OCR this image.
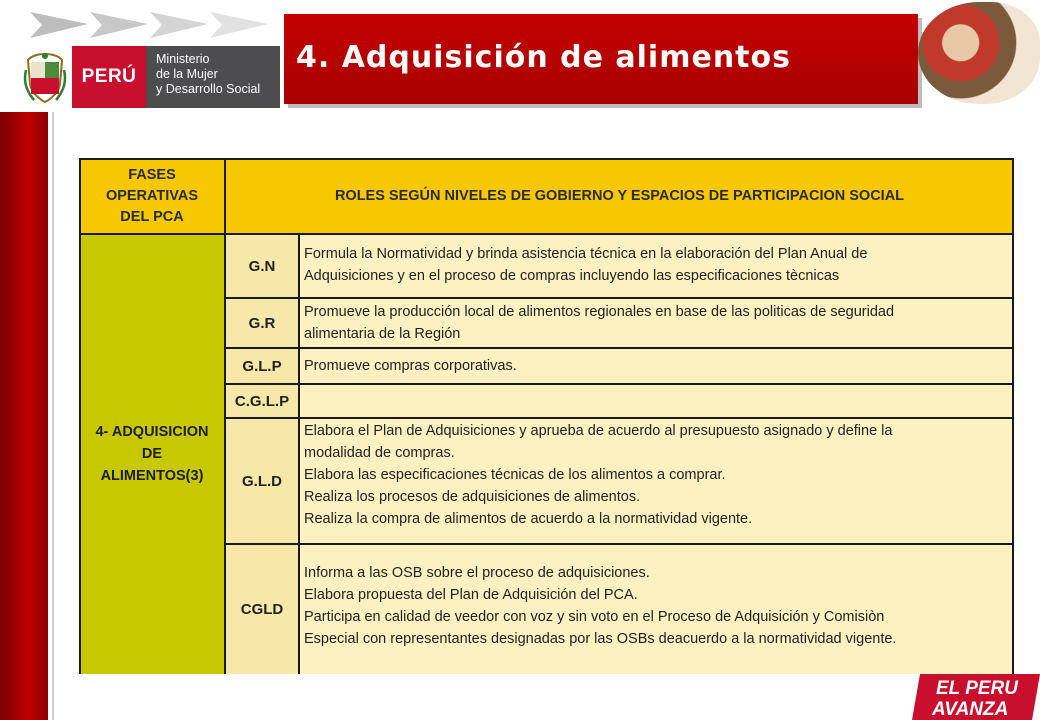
PERÚ
Ministerio
de la Mujer
y Desarrollo Social
4. Adquisición de alimentos
FASES
OPERATIVAS
DEL PCA
ROLES SEGÚN NIVELES DE GOBIERNO Y ESPACIOS DE PARTICIPACION SOCIAL
4- ADQUISICION
DE
ALIMENTOS(3)
G.N
Formula la Normatividad y brinda asistencia técnica en la elaboración del Plan Anual de
Adquisiciones y en el proceso de compras incluyendo las especificaciones tècnicas
G.R
Promueve la producción local de alimentos regionales en base de las politicas de seguridad
alimentaria de la Región
G.L.P	Promueve compras corporativas.
C.G.L.P
G.L.D
Elabora el Plan de Adquisiciones y aprueba de acuerdo al presupuesto asignado y define la
modalidad de compras.
Elabora las especificaciones técnicas de los alimentos a comprar.
Realiza los procesos de adquisiciones de alimentos.
Realiza la compra de alimentos de acuerdo a la normatividad vigente.
CGLD
Informa a las OSB sobre el proceso de adquisiciones.
Elabora propuesta del Plan de Adquisición del PCA.
Participa en calidad de veedor con voz y sin voto en el Proceso de Adquisición y Comisiòn
Especial con representantes designadas por las OSBs deacuerdo a la normatividad vigente.
EL PERU
AVANZA
